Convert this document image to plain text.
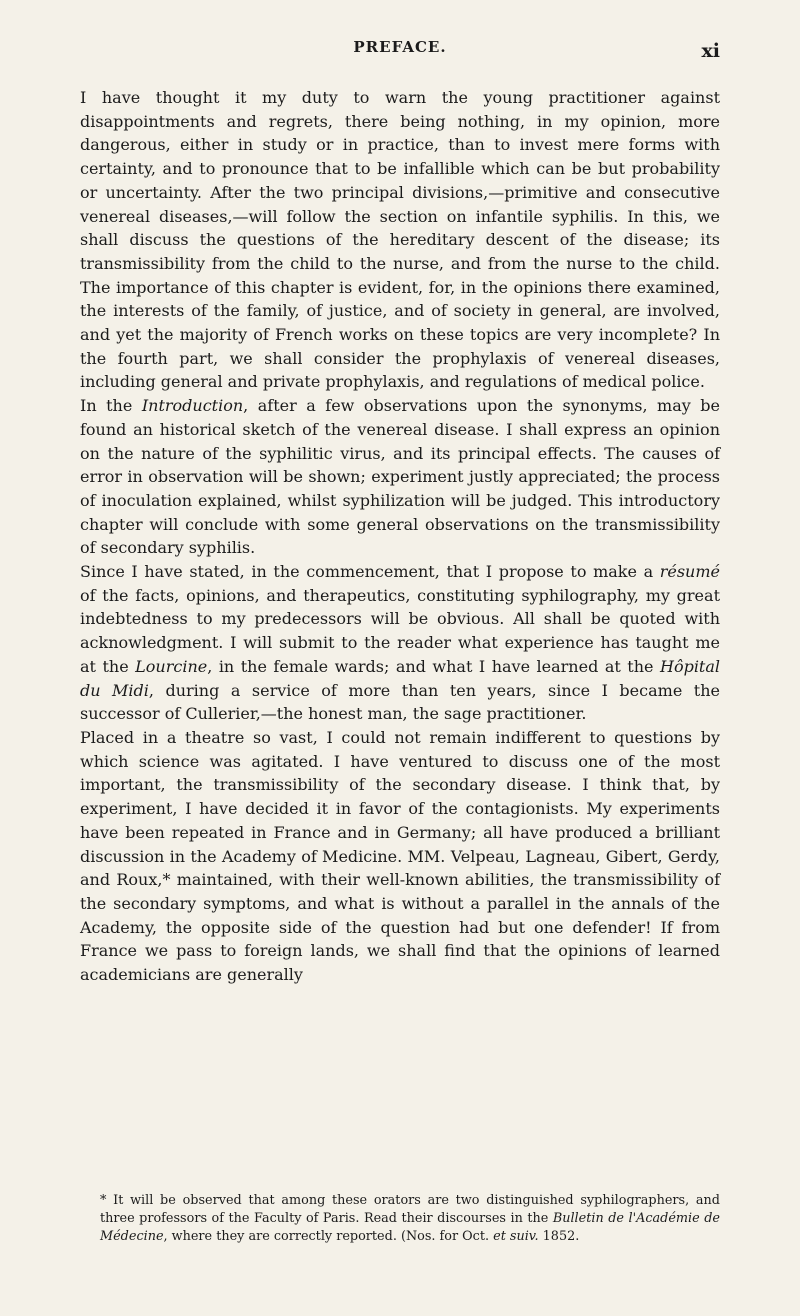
PREFACE.	xi

I have thought it my duty to warn the young practitioner against disappointments and regrets, there being nothing, in my opinion, more dangerous, either in study or in practice, than to invest mere forms with certainty, and to pronounce that to be infallible which can be but probability or uncertainty. After the two principal divisions,—primitive and consecutive venereal diseases,—will follow the section on infantile syphilis. In this, we shall discuss the questions of the hereditary descent of the disease; its transmissibility from the child to the nurse, and from the nurse to the child. The importance of this chapter is evident, for, in the opinions there examined, the interests of the family, of justice, and of society in general, are involved, and yet the majority of French works on these topics are very incomplete? In the fourth part, we shall consider the prophylaxis of venereal diseases, including general and private prophylaxis, and regulations of medical police.

In the Introduction, after a few observations upon the synonyms, may be found an historical sketch of the venereal disease. I shall express an opinion on the nature of the syphilitic virus, and its principal effects. The causes of error in observation will be shown; experiment justly appreciated; the process of inoculation explained, whilst syphilization will be judged. This introductory chapter will conclude with some general observations on the transmissibility of secondary syphilis.

Since I have stated, in the commencement, that I propose to make a résumé of the facts, opinions, and therapeutics, constituting syphilography, my great indebtedness to my predecessors will be obvious. All shall be quoted with acknowledgment. I will submit to the reader what experience has taught me at the Lourcine, in the female wards; and what I have learned at the Hôpital du Midi, during a service of more than ten years, since I became the successor of Cullerier,—the honest man, the sage practitioner.

Placed in a theatre so vast, I could not remain indifferent to questions by which science was agitated. I have ventured to discuss one of the most important, the transmissibility of the secondary disease. I think that, by experiment, I have decided it in favor of the contagionists. My experiments have been repeated in France and in Germany; all have produced a brilliant discussion in the Academy of Medicine. MM. Velpeau, Lagneau, Gibert, Gerdy, and Roux,* maintained, with their well-known abilities, the transmissibility of the secondary symptoms, and what is without a parallel in the annals of the Academy, the opposite side of the question had but one defender! If from France we pass to foreign lands, we shall find that the opinions of learned academicians are generally

* It will be observed that among these orators are two distinguished syphilographers, and three professors of the Faculty of Paris. Read their discourses in the Bulletin de l'Académie de Médecine, where they are correctly reported. (Nos. for Oct. et suiv. 1852.
